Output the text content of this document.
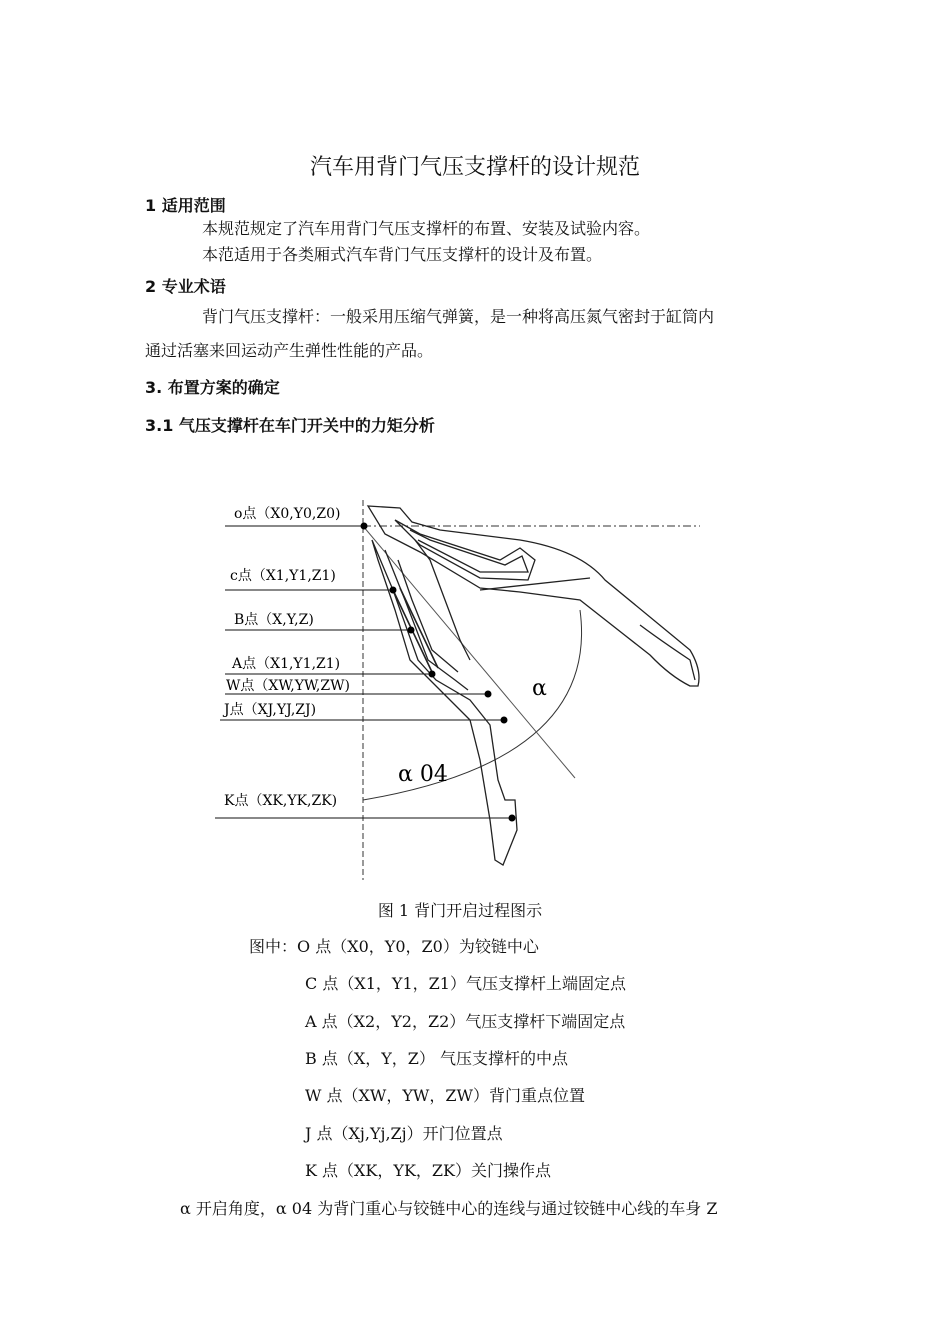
汽车用背门气压支撑杆的设计规范
1 适用范围
本规范规定了汽车用背门气压支撑杆的布置、安装及试验内容。
本范适用于各类厢式汽车背门气压支撑杆的设计及布置。
2 专业术语
背门气压支撑杆：一般采用压缩气弹簧，是一种将高压氮气密封于缸筒内
通过活塞来回运动产生弹性性能的产品。
3. 布置方案的确定
3.1 气压支撑杆在车门开关中的力矩分析
o点（X0,Y0,Z0)
c点（X1,Y1,Z1)
B点（X,Y,Z)
A点（X1,Y1,Z1)
W点（XW,YW,ZW)
J点（XJ,YJ,ZJ)
K点（XK,YK,ZK)
α
α 04
图 1 背门开启过程图示
图中：O 点（X0，Y0，Z0）为铰链中心
C 点（X1，Y1，Z1）气压支撑杆上端固定点
A 点（X2，Y2，Z2）气压支撑杆下端固定点
B 点（X，Y，Z） 气压支撑杆的中点
W 点（XW，YW，ZW）背门重点位置
J 点（Xj,Yj,Zj）开门位置点
K 点（XK，YK，ZK）关门操作点
α 开启角度，α 04 为背门重心与铰链中心的连线与通过铰链中心线的车身 Z
